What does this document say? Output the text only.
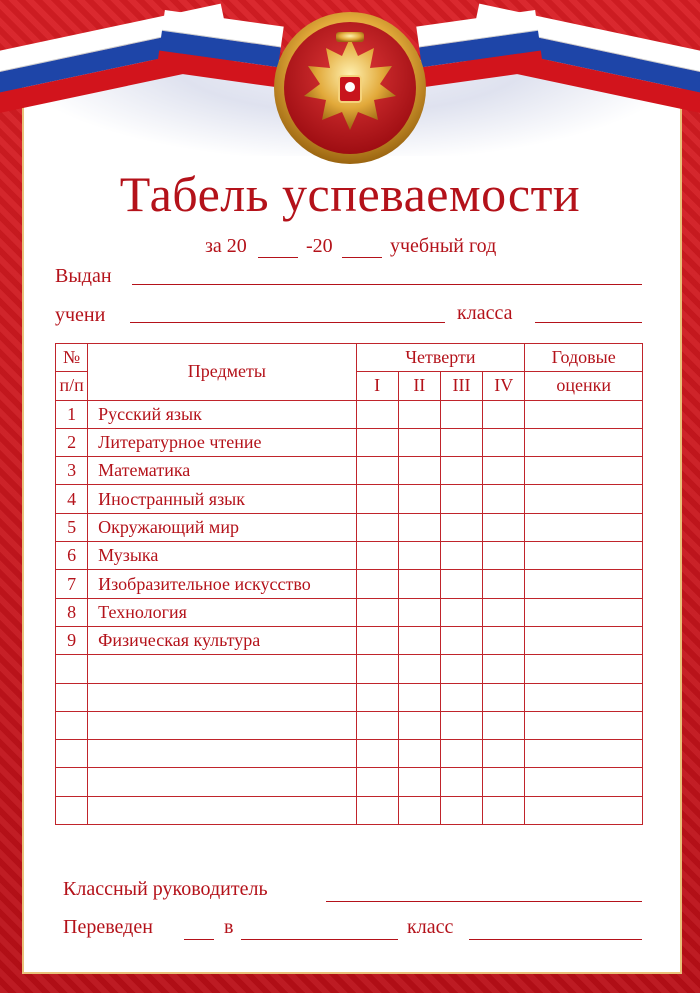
Табель успеваемости
за 20	-20	учебный год
Выдан
учени	класса
№	Предметы	Четверти				Годовые
п/п		I	II	III	IV	оценки
1	Русский язык					
2	Литературное чтение					
3	Математика					
4	Иностранный язык					
5	Окружающий мир					
6	Музыка					
7	Изобразительное искусство					
8	Технология					
9	Физическая культура					

Классный руководитель
Переведен	в	класс
